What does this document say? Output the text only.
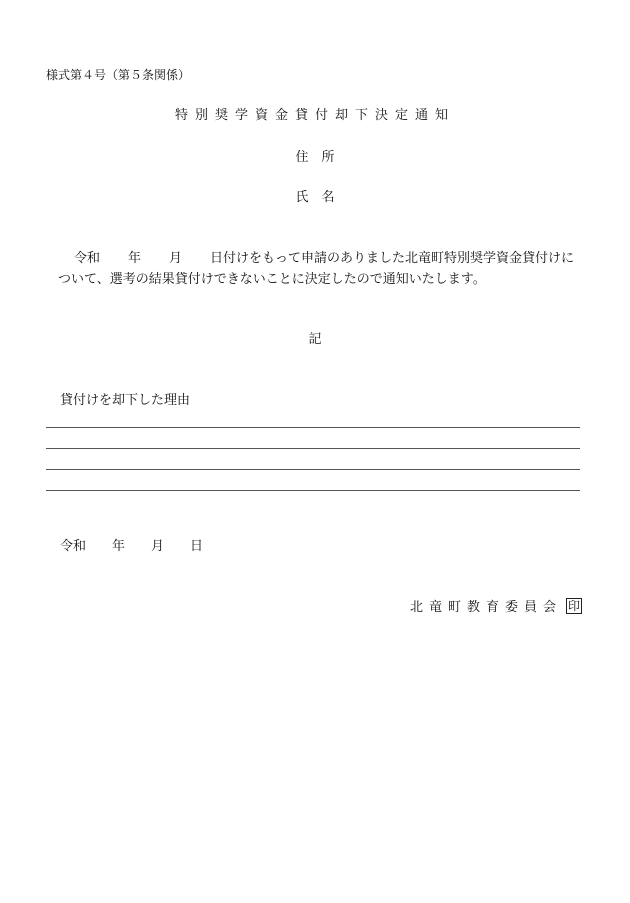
様式第４号（第５条関係）
特別奨学資金貸付却下決定通知
住所
氏名
令和 年 月 日付けをもって申請のありました北竜町特別奨学資金貸付けに
ついて、選考の結果貸付けできないことに決定したので通知いたします。
記
貸付けを却下した理由
令和 年 月 日
北竜町教育委員会 印
